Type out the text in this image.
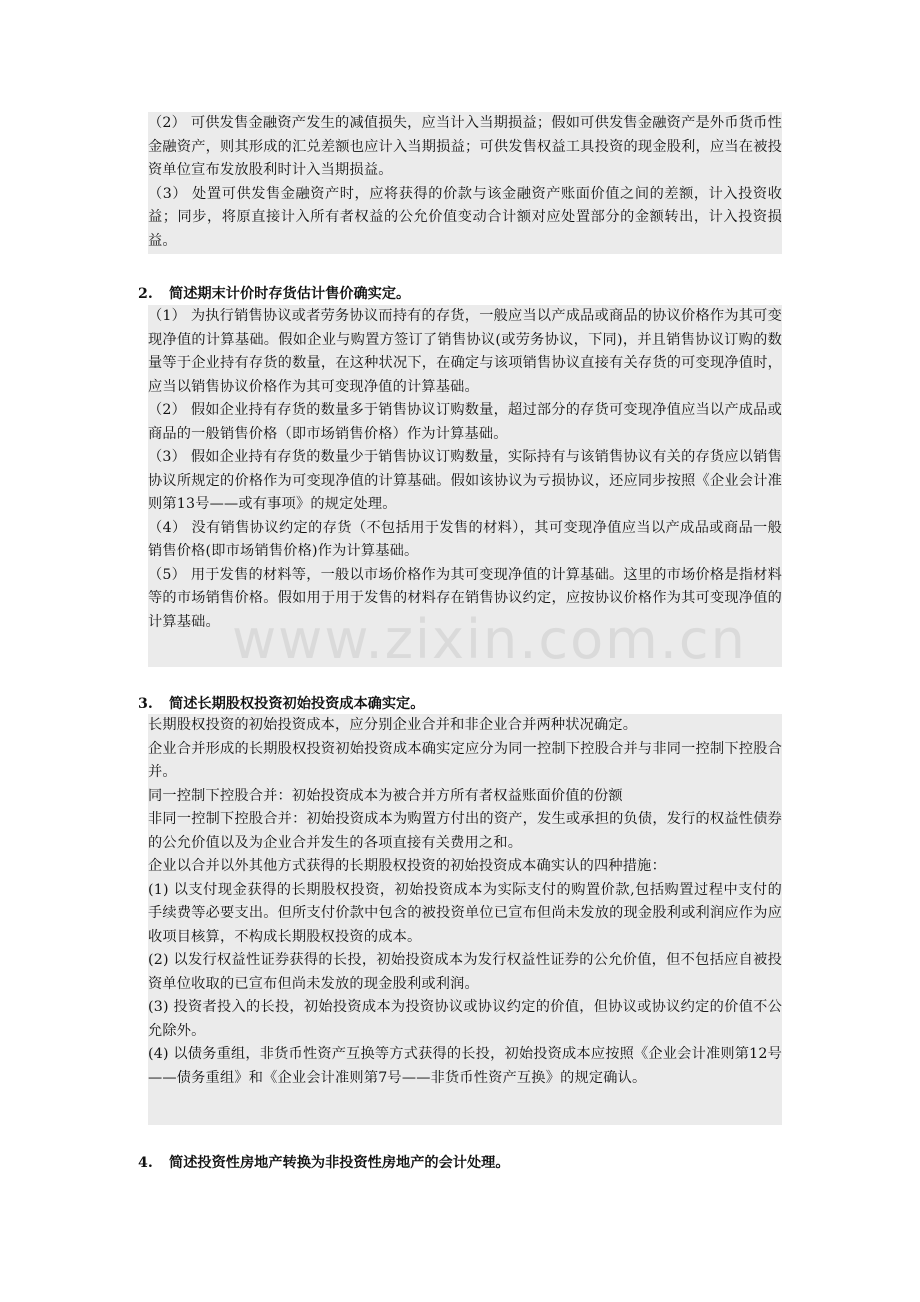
（2） 可供发售金融资产发生的减值损失，应当计入当期损益；假如可供发售金融资产是外币货币性金融资产，则其形成的汇兑差额也应计入当期损益；可供发售权益工具投资的现金股利，应当在被投资单位宣布发放股利时计入当期损益。

（3） 处置可供发售金融资产时，应将获得的价款与该金融资产账面价值之间的差额，计入投资收益；同步，将原直接计入所有者权益的公允价值变动合计额对应处置部分的金额转出，计入投资损益。

2. 简述期末计价时存货估计售价确实定。

（1） 为执行销售协议或者劳务协议而持有的存货，一般应当以产成品或商品的协议价格作为其可变现净值的计算基础。假如企业与购置方签订了销售协议(或劳务协议，下同)，并且销售协议订购的数量等于企业持有存货的数量，在这种状况下，在确定与该项销售协议直接有关存货的可变现净值时，应当以销售协议价格作为其可变现净值的计算基础。

（2） 假如企业持有存货的数量多于销售协议订购数量，超过部分的存货可变现净值应当以产成品或商品的一般销售价格（即市场销售价格）作为计算基础。

（3） 假如企业持有存货的数量少于销售协议订购数量，实际持有与该销售协议有关的存货应以销售协议所规定的价格作为可变现净值的计算基础。假如该协议为亏损协议，还应同步按照《企业会计准则第13号——或有事项》的规定处理。

（4） 没有销售协议约定的存货（不包括用于发售的材料），其可变现净值应当以产成品或商品一般销售价格(即市场销售价格)作为计算基础。

（5） 用于发售的材料等，一般以市场价格作为其可变现净值的计算基础。这里的市场价格是指材料等的市场销售价格。假如用于用于发售的材料存在销售协议约定，应按协议价格作为其可变现净值的计算基础。

3. 简述长期股权投资初始投资成本确实定。

长期股权投资的初始投资成本，应分别企业合并和非企业合并两种状况确定。

企业合并形成的长期股权投资初始投资成本确实定应分为同一控制下控股合并与非同一控制下控股合并。

同一控制下控股合并：初始投资成本为被合并方所有者权益账面价值的份额

非同一控制下控股合并：初始投资成本为购置方付出的资产，发生或承担的负债，发行的权益性债券的公允价值以及为企业合并发生的各项直接有关费用之和。

企业以合并以外其他方式获得的长期股权投资的初始投资成本确实认的四种措施：

(1) 以支付现金获得的长期股权投资，初始投资成本为实际支付的购置价款,包括购置过程中支付的手续费等必要支出。但所支付价款中包含的被投资单位已宣布但尚未发放的现金股利或利润应作为应收项目核算，不构成长期股权投资的成本。

(2) 以发行权益性证券获得的长投，初始投资成本为发行权益性证券的公允价值，但不包括应自被投资单位收取的已宣布但尚未发放的现金股利或利润。

(3) 投资者投入的长投，初始投资成本为投资协议或协议约定的价值，但协议或协议约定的价值不公允除外。

(4) 以债务重组，非货币性资产互换等方式获得的长投，初始投资成本应按照《企业会计准则第12号——债务重组》和《企业会计准则第7号——非货币性资产互换》的规定确认。

4. 简述投资性房地产转换为非投资性房地产的会计处理。
www.zixin.com.cn
